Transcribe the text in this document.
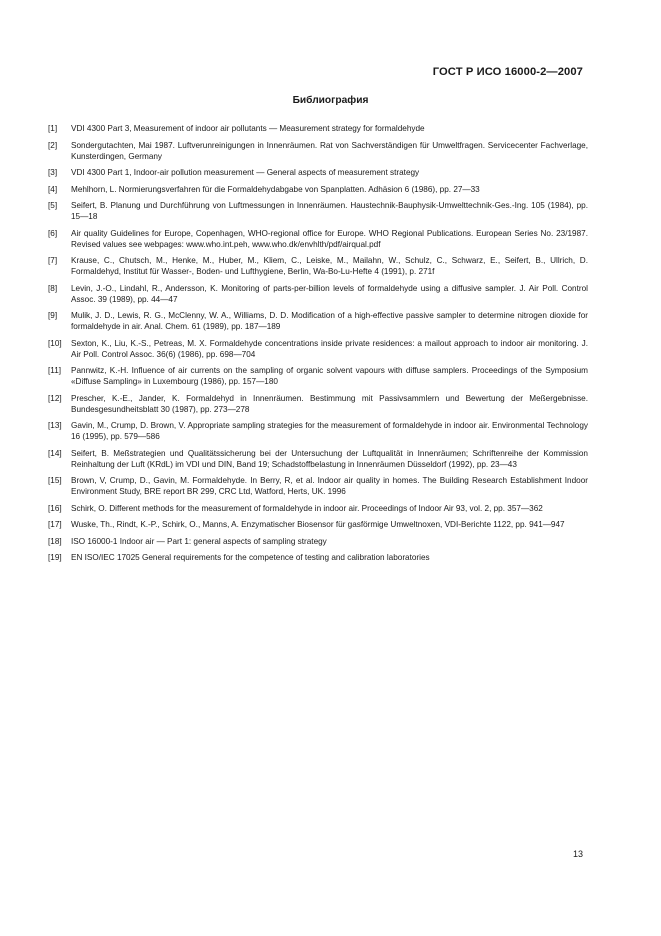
ГОСТ Р ИСО 16000-2—2007
Библиография
[1]	VDI 4300 Part 3, Measurement of indoor air pollutants — Measurement strategy for formaldehyde
[2]	Sondergutachten, Mai 1987. Luftverunreinigungen in Innenräumen. Rat von Sachverständigen für Umweltfragen. Servicecenter Fachverlage, Kunsterdingen, Germany
[3]	VDI 4300 Part 1, Indoor-air pollution measurement — General aspects of measurement strategy
[4]	Mehlhorn, L. Normierungsverfahren für die Formaldehydabgabe von Spanplatten. Adhäsion 6 (1986), pp. 27—33
[5]	Seifert, B. Planung und Durchführung von Luftmessungen in Innenräumen. Haustechnik-Bauphysik-Umwelttechnik-Ges.-Ing. 105 (1984), pp. 15—18
[6]	Air quality Guidelines for Europe, Copenhagen, WHO-regional office for Europe. WHO Regional Publications. European Series No. 23/1987. Revised values see webpages: www.who.int.peh, www.who.dk/envhlth/pdf/airqual.pdf
[7]	Krause, C., Chutsch, M., Henke, M., Huber, M., Kliem, C., Leiske, M., Mailahn, W., Schulz, C., Schwarz, E., Seifert, B., Ullrich, D. Formaldehyd, Institut für Wasser-, Boden- und Lufthygiene, Berlin, Wa-Bo-Lu-Hefte 4 (1991), p. 271f
[8]	Levin, J.-O., Lindahl, R., Andersson, K. Monitoring of parts-per-billion levels of formaldehyde using a diffusive sampler. J. Air Poll. Control Assoc. 39 (1989), pp. 44—47
[9]	Mulik, J. D., Lewis, R. G., McClenny, W. A., Williams, D. D. Modification of a high-effective passive sampler to determine nitrogen dioxide for formaldehyde in air. Anal. Chem. 61 (1989), pp. 187—189
[10]	Sexton, K., Liu, K.-S., Petreas, M. X. Formaldehyde concentrations inside private residences: a mailout approach to indoor air monitoring. J. Air Poll. Control Assoc. 36(6) (1986), pp. 698—704
[11]	Pannwitz, K.-H. Influence of air currents on the sampling of organic solvent vapours with diffuse samplers. Proceedings of the Symposium «Diffuse Sampling» in Luxembourg (1986), pp. 157—180
[12]	Prescher, K.-E., Jander, K. Formaldehyd in Innenräumen. Bestimmung mit Passivsammlern und Bewertung der Meßergebnisse. Bundesgesundheitsblatt 30 (1987), pp. 273—278
[13]	Gavin, M., Crump, D. Brown, V. Appropriate sampling strategies for the measurement of formaldehyde in indoor air. Environmental Technology 16 (1995), pp. 579—586
[14]	Seifert, B. Meßstrategien und Qualitätssicherung bei der Untersuchung der Luftqualität in Innenräumen; Schriftenreihe der Kommission Reinhaltung der Luft (KRdL) im VDI und DIN, Band 19; Schadstoffbelastung in Innenräumen Düsseldorf (1992), pp. 23—43
[15]	Brown, V, Crump, D., Gavin, M. Formaldehyde. In Berry, R, et al. Indoor air quality in homes. The Building Research Establishment Indoor Environment Study, BRE report BR 299, CRC Ltd, Watford, Herts, UK. 1996
[16]	Schirk, O. Different methods for the measurement of formaldehyde in indoor air. Proceedings of Indoor Air 93, vol. 2, pp. 357—362
[17]	Wuske, Th., Rindt, K.-P., Schirk, O., Manns, A. Enzymatischer Biosensor für gasförmige Umweltnoxen, VDI-Berichte 1122, pp. 941—947
[18]	ISO 16000-1 Indoor air — Part 1: general aspects of sampling strategy
[19]	EN ISO/IEC 17025 General requirements for the competence of testing and calibration laboratories
13
